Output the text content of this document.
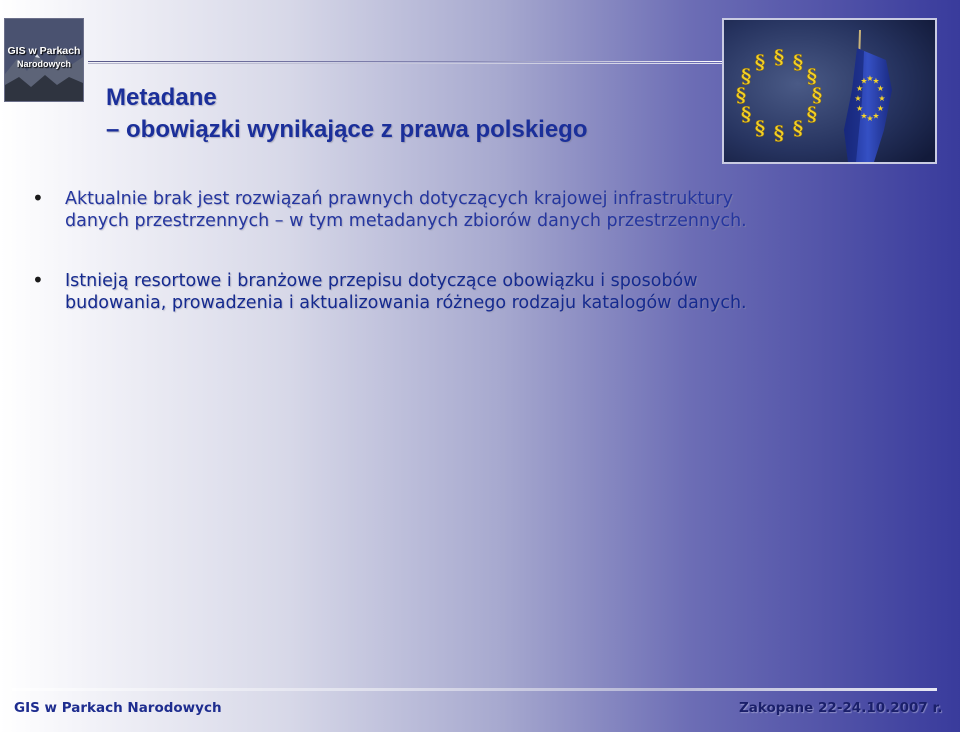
GIS w Parkach
Narodowych
★
★
★
★
★
★
★
★
★
★
★
★
§ §
§
§
§
§
§
§
§
§
§
§
Metadane
– obowiązki wynikające z prawa polskiego
• Aktualnie brak jest rozwiązań prawnych dotyczących krajowej infrastruktury
danych przestrzennych – w tym metadanych zbiorów danych przestrzennych.
• Istnieją resortowe i branżowe przepisu dotyczące obowiązku i sposobów
budowania, prowadzenia i aktualizowania różnego rodzaju katalogów danych.
GIS w Parkach Narodowych	Zakopane 22-24.10.2007 r.
